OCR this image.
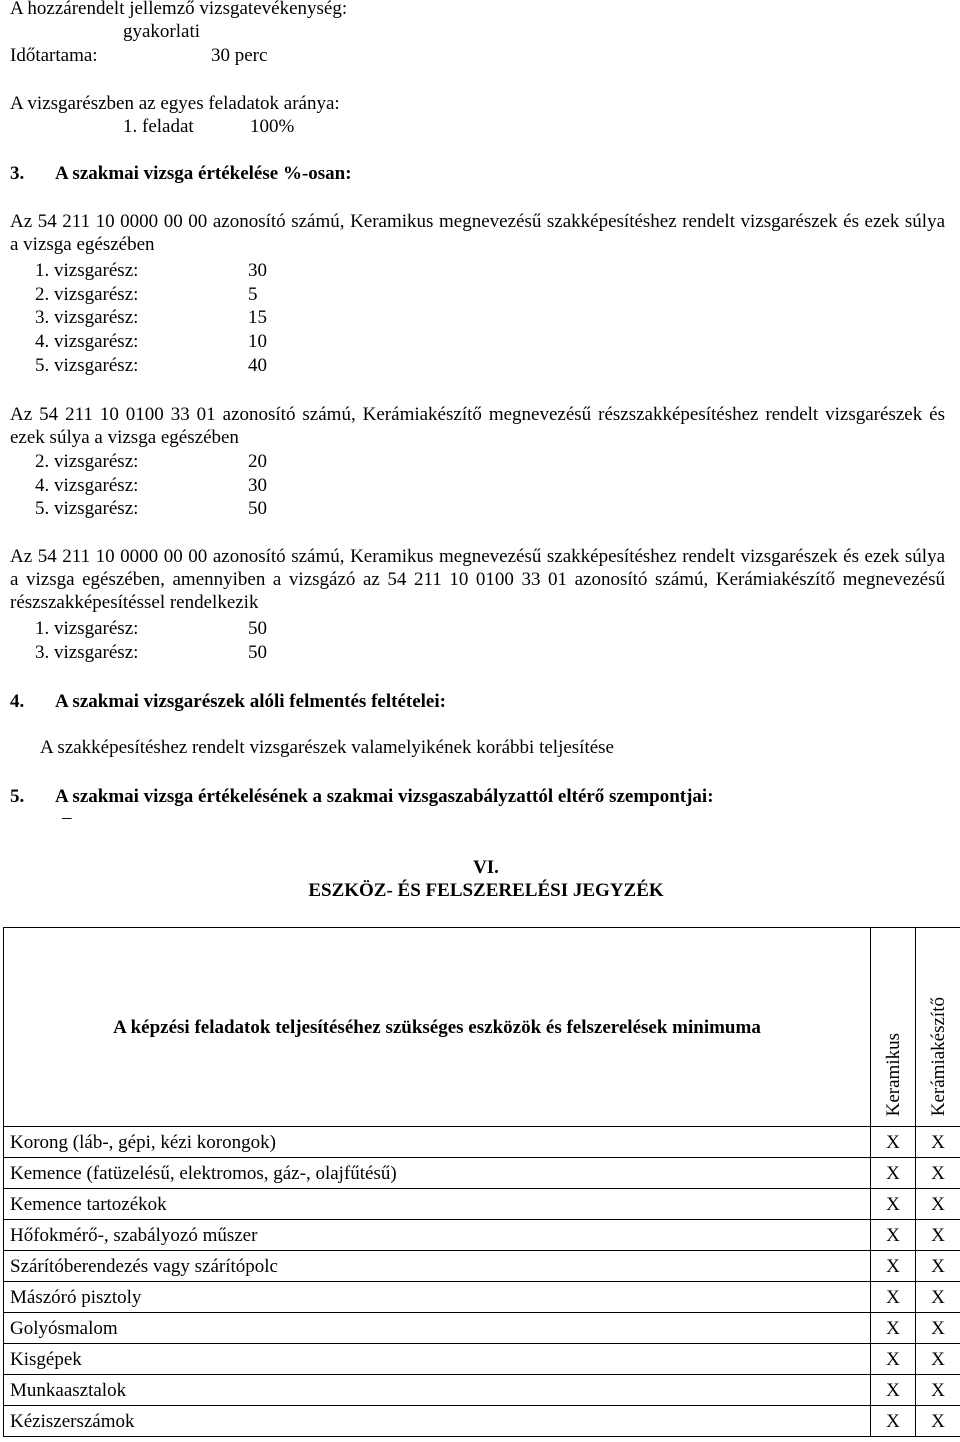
A hozzárendelt jellemző vizsgatevékenység:
gyakorlati
Időtartama:	30 perc
A vizsgarészben az egyes feladatok aránya:
1. feladat	100%
3. A szakmai vizsga értékelése %-osan:
Az 54 211 10 0000 00 00 azonosító számú, Keramikus megnevezésű szakképesítéshez rendelt vizsgarészek és ezek súlya a vizsga egészében
1. vizsgarész:	30
2. vizsgarész:	5
3. vizsgarész:	15
4. vizsgarész:	10
5. vizsgarész:	40
Az 54 211 10 0100 33 01 azonosító számú, Kerámiakészítő megnevezésű részszakképesítéshez rendelt vizsgarészek és ezek súlya a vizsga egészében
2. vizsgarész:	20
4. vizsgarész:	30
5. vizsgarész:	50
Az 54 211 10 0000 00 00 azonosító számú, Keramikus megnevezésű szakképesítéshez rendelt vizsgarészek és ezek súlya a vizsga egészében, amennyiben a vizsgázó az 54 211 10 0100 33 01 azonosító számú, Kerámiakészítő megnevezésű részszakképesítéssel rendelkezik
1. vizsgarész:	50
3. vizsgarész:	50
4. A szakmai vizsgarészek alóli felmentés feltételei:
A szakképesítéshez rendelt vizsgarészek valamelyikének korábbi teljesítése
5. A szakmai vizsga értékelésének a szakmai vizsgaszabályzattól eltérő szempontjai:
–
VI.
ESZKÖZ- ÉS FELSZERELÉSI JEGYZÉK
A képzési feladatok teljesítéséhez szükséges eszközök és felszerelések minimuma	Keramikus	Kerámiakészítő
Korong (láb-, gépi, kézi korongok)	X	X
Kemence (fatüzelésű, elektromos, gáz-, olajfűtésű)	X	X
Kemence tartozékok	X	X
Hőfokmérő-, szabályozó műszer	X	X
Szárítóberendezés vagy szárítópolc	X	X
Mászóró pisztoly	X	X
Golyósmalom	X	X
Kisgépek	X	X
Munkaasztalok	X	X
Kéziszerszámok	X	X
